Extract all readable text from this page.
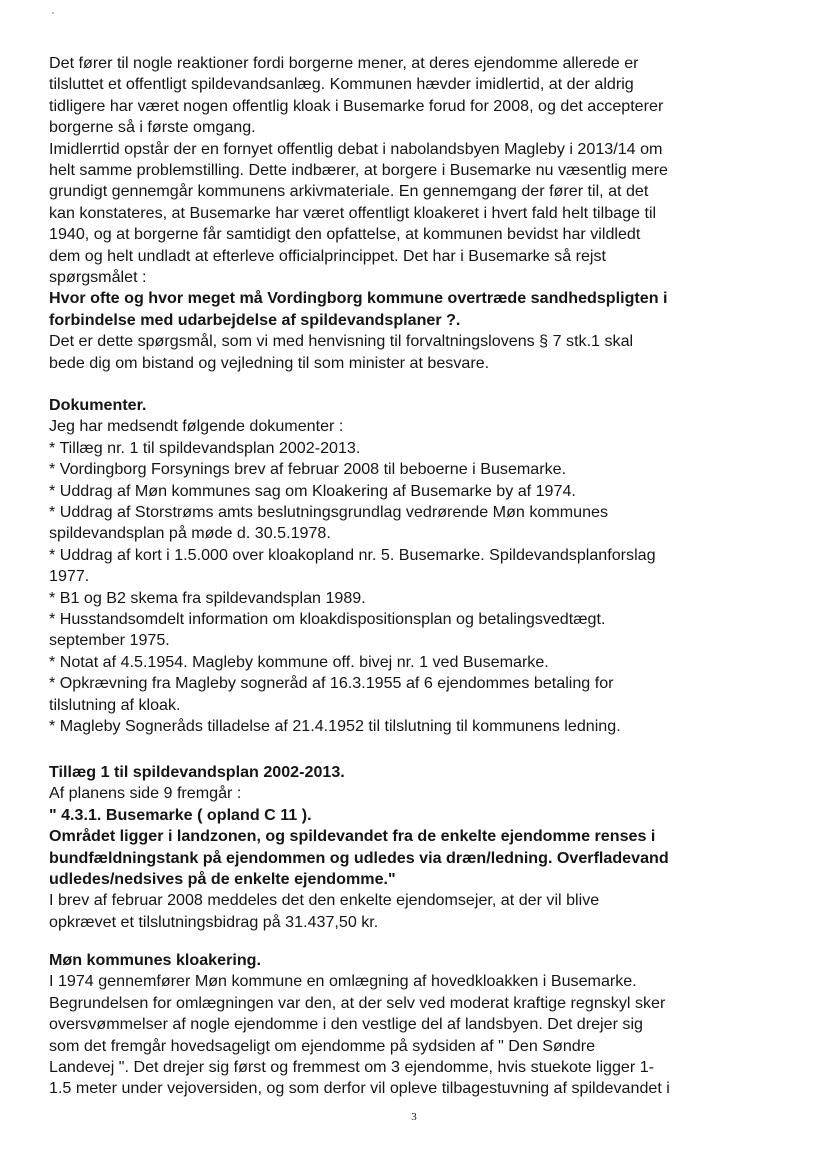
Det fører til nogle reaktioner fordi borgerne mener, at deres ejendomme allerede er
tilsluttet et offentligt spildevandsanlæg. Kommunen hævder imidlertid, at der aldrig
tidligere har været nogen offentlig kloak i Busemarke forud for 2008, og det accepterer
borgerne så i første omgang.
Imidlerrtid opstår der en fornyet offentlig debat i nabolandsbyen Magleby i 2013/14 om
helt samme problemstilling. Dette indbærer, at borgere i Busemarke nu væsentlig mere
grundigt gennemgår kommunens arkivmateriale. En gennemgang der fører til, at det
kan konstateres, at Busemarke har været offentligt kloakeret i hvert fald helt tilbage til
1940, og at borgerne får samtidigt den opfattelse, at kommunen bevidst har vildledt
dem og helt undladt at efterleve officialprincippet. Det har i Busemarke så rejst
spørgsmålet :
Hvor ofte og hvor meget må Vordingborg kommune overtræde sandhedspligten i
forbindelse med udarbejdelse af spildevandsplaner ?.
Det er dette spørgsmål, som vi med henvisning til forvaltningslovens § 7 stk.1 skal
bede dig om bistand og vejledning til som minister at besvare.
Dokumenter.
Jeg har medsendt følgende dokumenter :
* Tillæg nr. 1 til spildevandsplan 2002-2013.
* Vordingborg Forsynings brev af februar 2008 til beboerne i Busemarke.
* Uddrag af Møn kommunes sag om Kloakering af Busemarke by af 1974.
* Uddrag af Storstrøms amts beslutningsgrundlag vedrørende Møn kommunes
spildevandsplan på møde d. 30.5.1978.
* Uddrag af kort i 1.5.000 over kloakopland nr. 5. Busemarke. Spildevandsplanforslag
1977.
* B1 og B2 skema fra spildevandsplan 1989.
* Husstandsomdelt information om kloakdispositionsplan og betalingsvedtægt.
september 1975.
* Notat af 4.5.1954. Magleby kommune off. bivej nr. 1 ved Busemarke.
* Opkrævning fra Magleby sogneråd af 16.3.1955 af 6 ejendommes betaling for
tilslutning af kloak.
* Magleby Sogneråds tilladelse af 21.4.1952 til tilslutning til kommunens ledning.
Tillæg 1 til spildevandsplan 2002-2013.
Af planens side 9 fremgår :
" 4.3.1. Busemarke ( opland C 11 ).
Området ligger i landzonen, og spildevandet fra de enkelte ejendomme renses i
bundfældningstank på ejendommen og udledes via dræn/ledning. Overfladevand
udledes/nedsives på de enkelte ejendomme."
I brev af februar 2008 meddeles det den enkelte ejendomsejer, at der vil blive
opkrævet et tilslutningsbidrag på 31.437,50 kr.
Møn kommunes kloakering.
I 1974 gennemfører Møn kommune en omlægning af hovedkloakken i Busemarke.
Begrundelsen for omlægningen var den, at der selv ved moderat kraftige regnskyl sker
oversvømmelser af nogle ejendomme i den vestlige del af landsbyen. Det drejer sig
som det fremgår hovedsageligt om ejendomme på sydsiden af " Den Søndre
Landevej ". Det drejer sig først og fremmest om 3 ejendomme, hvis stuekote ligger 1-
1.5 meter under vejoversiden, og som derfor vil opleve tilbagestuvning af spildevandet i
3
